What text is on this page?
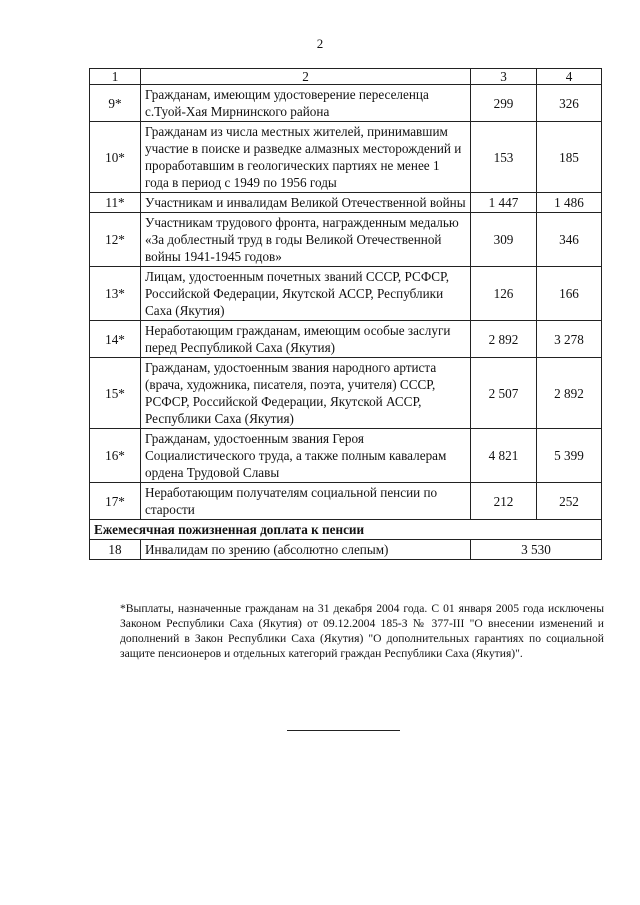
2
1	2	3	4
9*	Гражданам, имеющим удостоверение переселенца с.Туой-Хая Мирнинского района	299	326
10*	Гражданам из числа местных жителей, принимавшим участие в поиске и разведке алмазных месторождений и проработавшим в геологических партиях не менее 1 года в период с 1949 по 1956 годы	153	185
11*	Участникам и инвалидам Великой Отечественной войны	1 447	1 486
12*	Участникам трудового фронта, награжденным медалью «За доблестный труд в годы Великой Отечественной войны 1941-1945 годов»	309	346
13*	Лицам, удостоенным почетных званий СССР, РСФСР, Российской Федерации, Якутской АССР, Республики Саха (Якутия)	126	166
14*	Неработающим гражданам, имеющим особые заслуги перед Республикой Саха (Якутия)	2 892	3 278
15*	Гражданам, удостоенным звания народного артиста (врача, художника, писателя, поэта, учителя) СССР, РСФСР, Российской Федерации, Якутской АССР, Республики Саха (Якутия)	2 507	2 892
16*	Гражданам, удостоенным звания Героя Социалистического труда, а также полным кавалерам ордена Трудовой Славы	4 821	5 399
17*	Неработающим получателям социальной пенсии по старости	212	252
Ежемесячная пожизненная доплата к пенсии			
18	Инвалидам по зрению (абсолютно слепым)	3 530	

*Выплаты, назначенные гражданам на 31 декабря 2004 года. С 01 января 2005 года исключены Законом Республики Саха (Якутия) от 09.12.2004 185-З № 377-III "О внесении изменений и дополнений в Закон Республики Саха (Якутия) "О дополнительных гарантиях по социальной защите пенсионеров и отдельных категорий граждан Республики Саха (Якутия)".
